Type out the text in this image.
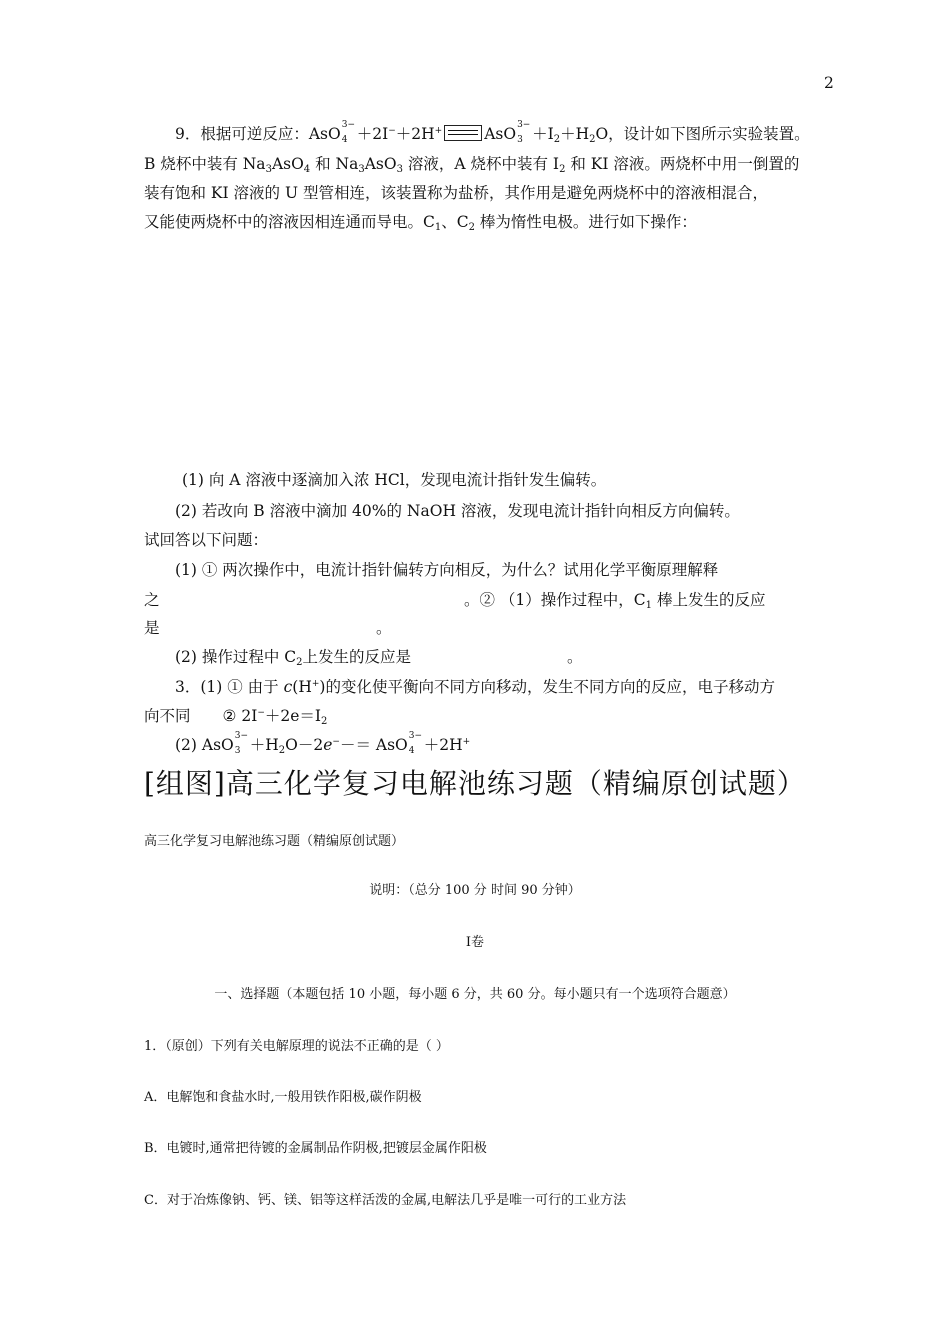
2
9．根据可逆反应：AsO 3−
4 ＋2I−＋2H+	AsO 3−
$3 +I_2+H_2O$，设计如下图所示实验装置。
B 烧杯中装有 $Na_3AsO_4$ 和 $Na_3AsO_3$ 溶液，A 烧杯中装有 $I_2$ 和 KI 溶液。两烧杯中用一倒置的
装有饱和 KI 溶液的 U 型管相连，该装置称为盐桥，其作用是避免两烧杯中的溶液相混合，
又能使两烧杯中的溶液因相连通而导电。$C_1$、$C_2$ 棒为惰性电极。进行如下操作：
(1) 向 A 溶液中逐滴加入浓 HCl，发现电流计指针发生偏转。
(2) 若改向 B 溶液中滴加 40%的 NaOH 溶液，发现电流计指针向相反方向偏转。
试回答以下问题：
(1) ① 两次操作中，电流计指针偏转方向相反，为什么？试用化学平衡原理解释
之	。② （1）操作过程中，$C_1$ 棒上发生的反应
是	。
(2) 操作过程中 $C_2$上发生的反应是	。
3．(1) ① 由于 c(H+)的变化使平衡向不同方向移动，发生不同方向的反应，电子移动方
向不同 ② $2I^-+2e=I_2$
(2) AsO 3−
$3 +H_2O-2e^--=$ AsO 3−
4 ＋2H+
[组图]高三化学复习电解池练习题（精编原创试题）
高三化学复习电解池练习题（精编原创试题）
说明：（总分 100 分 时间 90 分钟）
Ⅰ卷
一、选择题（本题包括 10 小题，每小题 6 分，共 60 分。每小题只有一个选项符合题意）
1．（原创）下列有关电解原理的说法不正确的是（ ）
A．电解饱和食盐水时,一般用铁作阳极,碳作阴极
B．电镀时,通常把待镀的金属制品作阴极,把镀层金属作阳极
C．对于冶炼像钠、钙、镁、铝等这样活泼的金属,电解法几乎是唯一可行的工业方法
